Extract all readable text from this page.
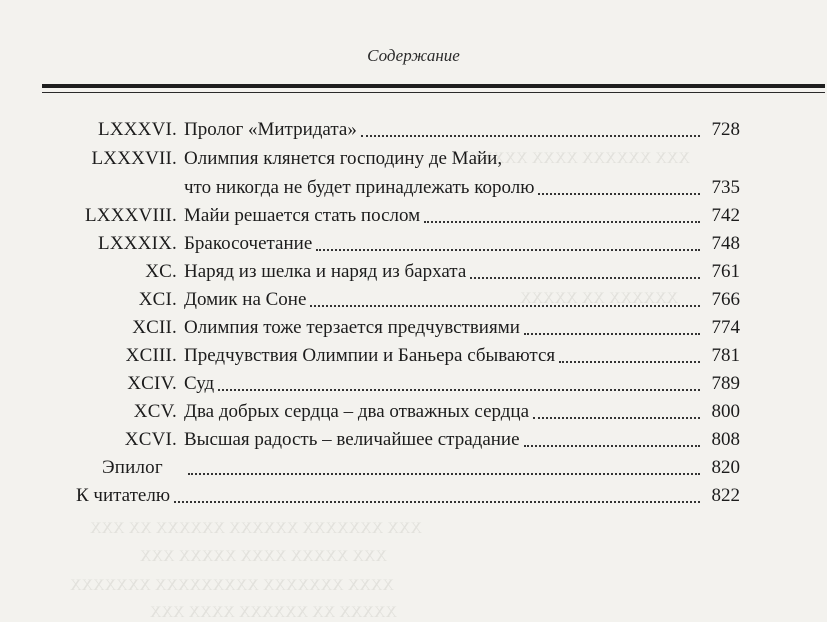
Содержание
ХХХ ХХХХХХ ХХХХ ХХХХХ
ХХХХХХ ХХ ХХХХХ
ХХХ ХХХХХХХ ХХХХХХ ХХХХХХ ХХ ХХХ
ХХХ ХХХХХ ХХХХ ХХХХХ ХХХ
ХХХХ ХХХХХХХ ХХХХХХХХХ ХХХХХХХ
ХХХХХ ХХ ХХХХХХ ХХХХ ХХХ
LXXXVI. Пролог «Митридата»	728
LXXXVII. Олимпия клянется господину де Майи,
что никогда не будет принадлежать королю	735
LXXXVIII. Майи решается стать послом	742
LXXXIX. Бракосочетание	748
XC. Наряд из шелка и наряд из бархата	761
XCI. Домик на Соне	766
XCII. Олимпия тоже терзается предчувствиями	774
XCIII. Предчувствия Олимпии и Баньера сбываются	781
XCIV. Суд	789
XCV. Два добрых сердца – два отважных сердца	800
XCVI. Высшая радость – величайшее страдание	808
Эпилог	820
К читателю	822
